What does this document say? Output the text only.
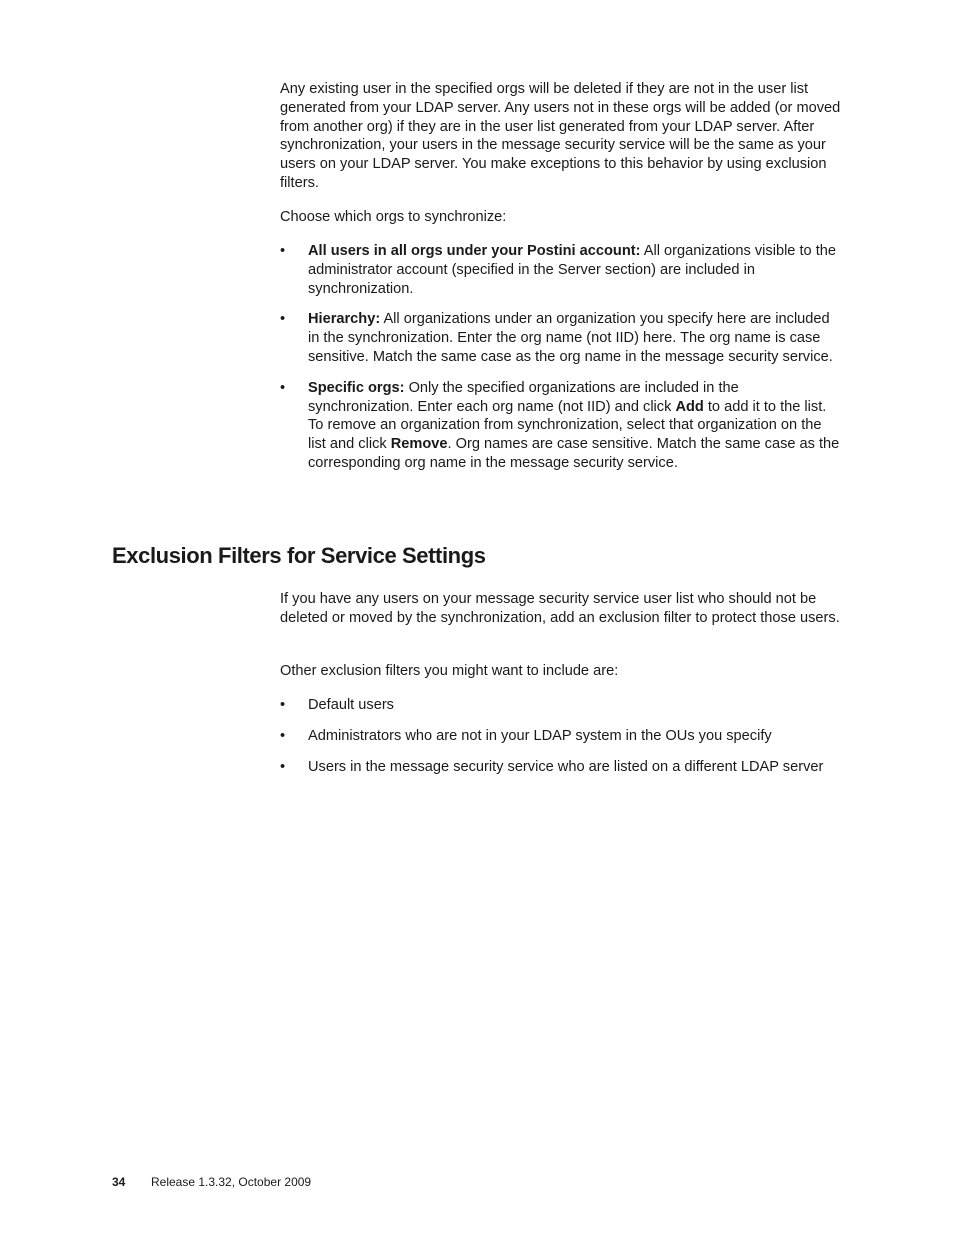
Any existing user in the specified orgs will be deleted if they are not in the user list generated from your LDAP server. Any users not in these orgs will be added (or moved from another org) if they are in the user list generated from your LDAP server. After synchronization, your users in the message security service will be the same as your users on your LDAP server. You make exceptions to this behavior by using exclusion filters.

Choose which orgs to synchronize:

• All users in all orgs under your Postini account: All organizations visible to the administrator account (specified in the Server section) are included in synchronization.
• Hierarchy: All organizations under an organization you specify here are included in the synchronization. Enter the org name (not IID) here. The org name is case sensitive. Match the same case as the org name in the message security service.
• Specific orgs: Only the specified organizations are included in the synchronization. Enter each org name (not IID) and click Add to add it to the list. To remove an organization from synchronization, select that organization on the list and click Remove. Org names are case sensitive. Match the same case as the corresponding org name in the message security service.
Exclusion Filters for Service Settings

If you have any users on your message security service user list who should not be deleted or moved by the synchronization, add an exclusion filter to protect those users.

Other exclusion filters you might want to include are:

• Default users
• Administrators who are not in your LDAP system in the OUs you specify
• Users in the message security service who are listed on a different LDAP server
34 Release 1.3.32, October 2009
